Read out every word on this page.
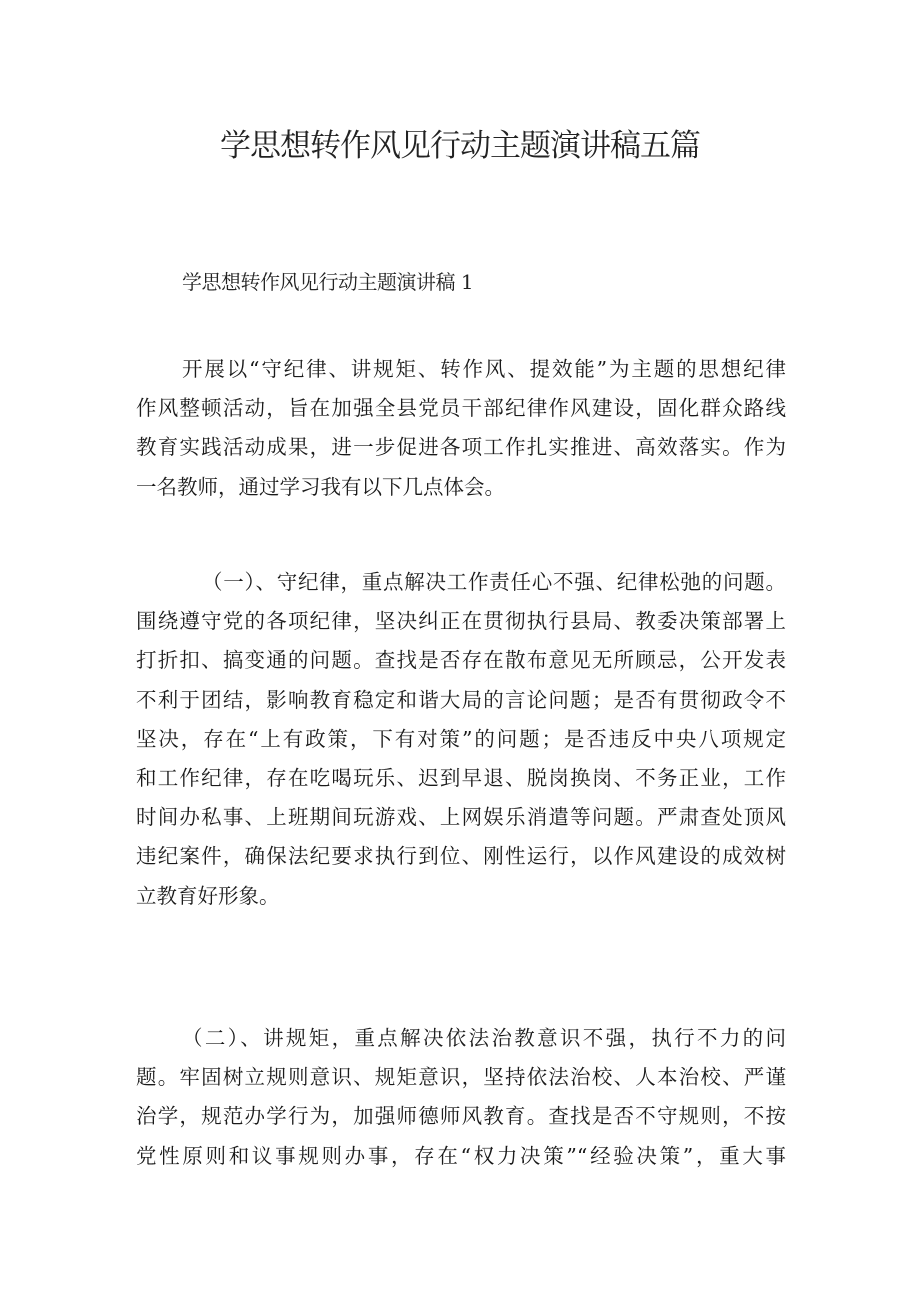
学思想转作风见行动主题演讲稿五篇
学思想转作风见行动主题演讲稿 1
开展以“守纪律、讲规矩、转作风、提效能”为主题的思想纪律
作风整顿活动，旨在加强全县党员干部纪律作风建设，固化群众路线
教育实践活动成果，进一步促进各项工作扎实推进、高效落实。作为
一名教师，通过学习我有以下几点体会。
（一）、守纪律，重点解决工作责任心不强、纪律松弛的问题。
围绕遵守党的各项纪律，坚决纠正在贯彻执行县局、教委决策部署上
打折扣、搞变通的问题。查找是否存在散布意见无所顾忌，公开发表
不利于团结，影响教育稳定和谐大局的言论问题；是否有贯彻政令不
坚决，存在“上有政策，下有对策”的问题；是否违反中央八项规定
和工作纪律，存在吃喝玩乐、迟到早退、脱岗换岗、不务正业，工作
时间办私事、上班期间玩游戏、上网娱乐消遣等问题。严肃查处顶风
违纪案件，确保法纪要求执行到位、刚性运行，以作风建设的成效树
立教育好形象。
（二）、讲规矩，重点解决依法治教意识不强，执行不力的问
题。牢固树立规则意识、规矩意识，坚持依法治校、人本治校、严谨
治学，规范办学行为，加强师德师风教育。查找是否不守规则，不按
党性原则和议事规则办事，存在“权力决策”“经验决策”，重大事
